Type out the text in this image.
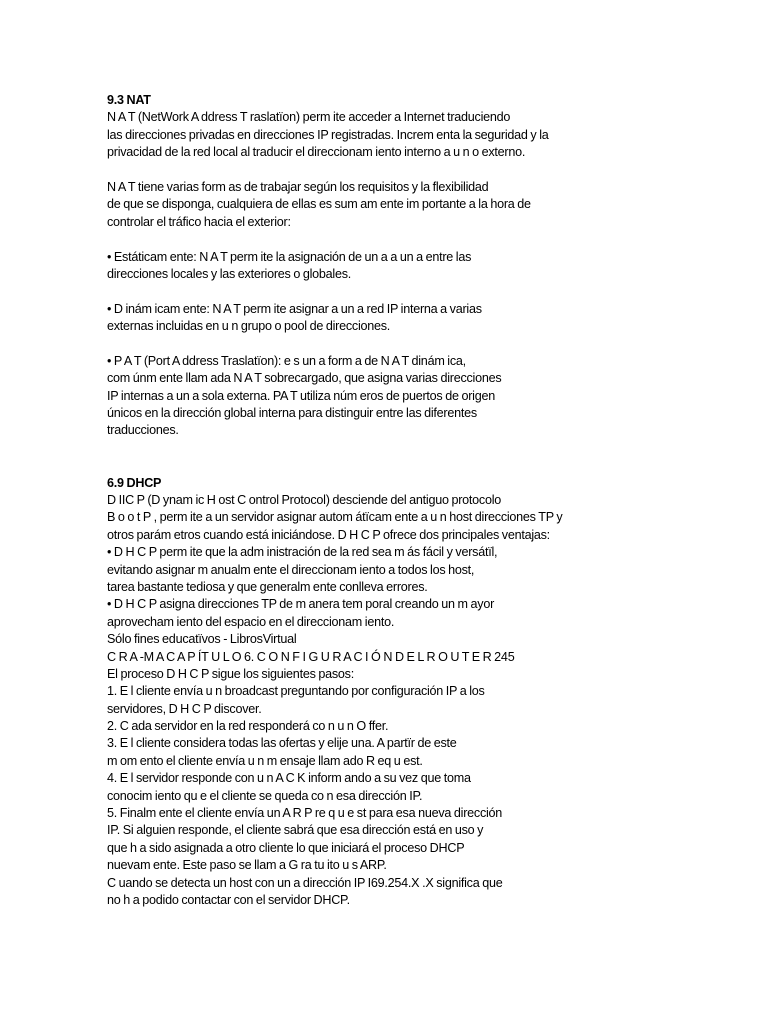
9.3 NAT
N A T (NetWork A ddress T raslatïon) perm ite acceder a Internet traduciendo
las direcciones privadas en direcciones IP registradas. Increm enta la seguridad y la
privacidad de la red local al traducir el direccionam iento interno a u n o externo.
N A T tiene varias form as de trabajar según los requisitos y la flexibilidad
de que se disponga, cualquiera de ellas es sum am ente im portante a la hora de
controlar el tráfico hacia el exterior:
• Estáticam ente: N A T perm ite la asignación de un a a un a entre las
direcciones locales y las exteriores o globales.
• D inám icam ente: N A T perm ite asignar a un a red IP interna a varias
externas incluidas en u n grupo o pool de direcciones.
• P A T (Port A ddress Traslatïon): e s un a form a de N A T dinám ica,
com únm ente llam ada N A T sobrecargado, que asigna varias direcciones
IP internas a un a sola externa. PA T utiliza núm eros de puertos de origen
únicos en la dirección global interna para distinguir entre las diferentes
traducciones.
6.9 DHCP
D IIC P (D ynam ic H ost C ontrol Protocol) desciende del antiguo protocolo
B o o t P , perm ite a un servidor asignar autom átïcam ente a u n host direcciones TP y
otros parám etros cuando está iniciándose. D H C P ofrece dos principales ventajas:
• D H C P perm ite que la adm inistración de la red sea m ás fácil y versátïl,
evitando asignar m anualm ente el direccionam iento a todos los host,
tarea bastante tediosa y que generalm ente conlleva errores.
• D H C P asigna direcciones TP de m anera tem poral creando un m ayor
aprovecham iento del espacio en el direccionam iento.
Sólo fines educatïvos - LibrosVirtual
C R A -M A C A P ÍT U L O 6. C O N F I G U R A C I Ó N D E L R O U T E R 245
El proceso D H C P sigue los siguientes pasos:
1. E l cliente envía u n broadcast preguntando por configuración IP a los
servidores, D H C P discover.
2. C ada servidor en la red responderá co n u n O ffer.
3. E l cliente considera todas las ofertas y elije una. A partïr de este
m om ento el cliente envía u n m ensaje llam ado R eq u est.
4. E l servidor responde con u n A C K inform ando a su vez que toma
conocim iento qu e el cliente se queda co n esa dirección IP.
5. Finalm ente el cliente envía un A R P re q u e st para esa nueva dirección
IP. Si alguien responde, el cliente sabrá que esa dirección está en uso y
que h a sido asignada a otro cliente lo que iniciará el proceso DHCP
nuevam ente. Este paso se llam a G ra tu ito u s ARP.
C uando se detecta un host con un a dirección IP I69.254.X .X significa que
no h a podido contactar con el servidor DHCP.
